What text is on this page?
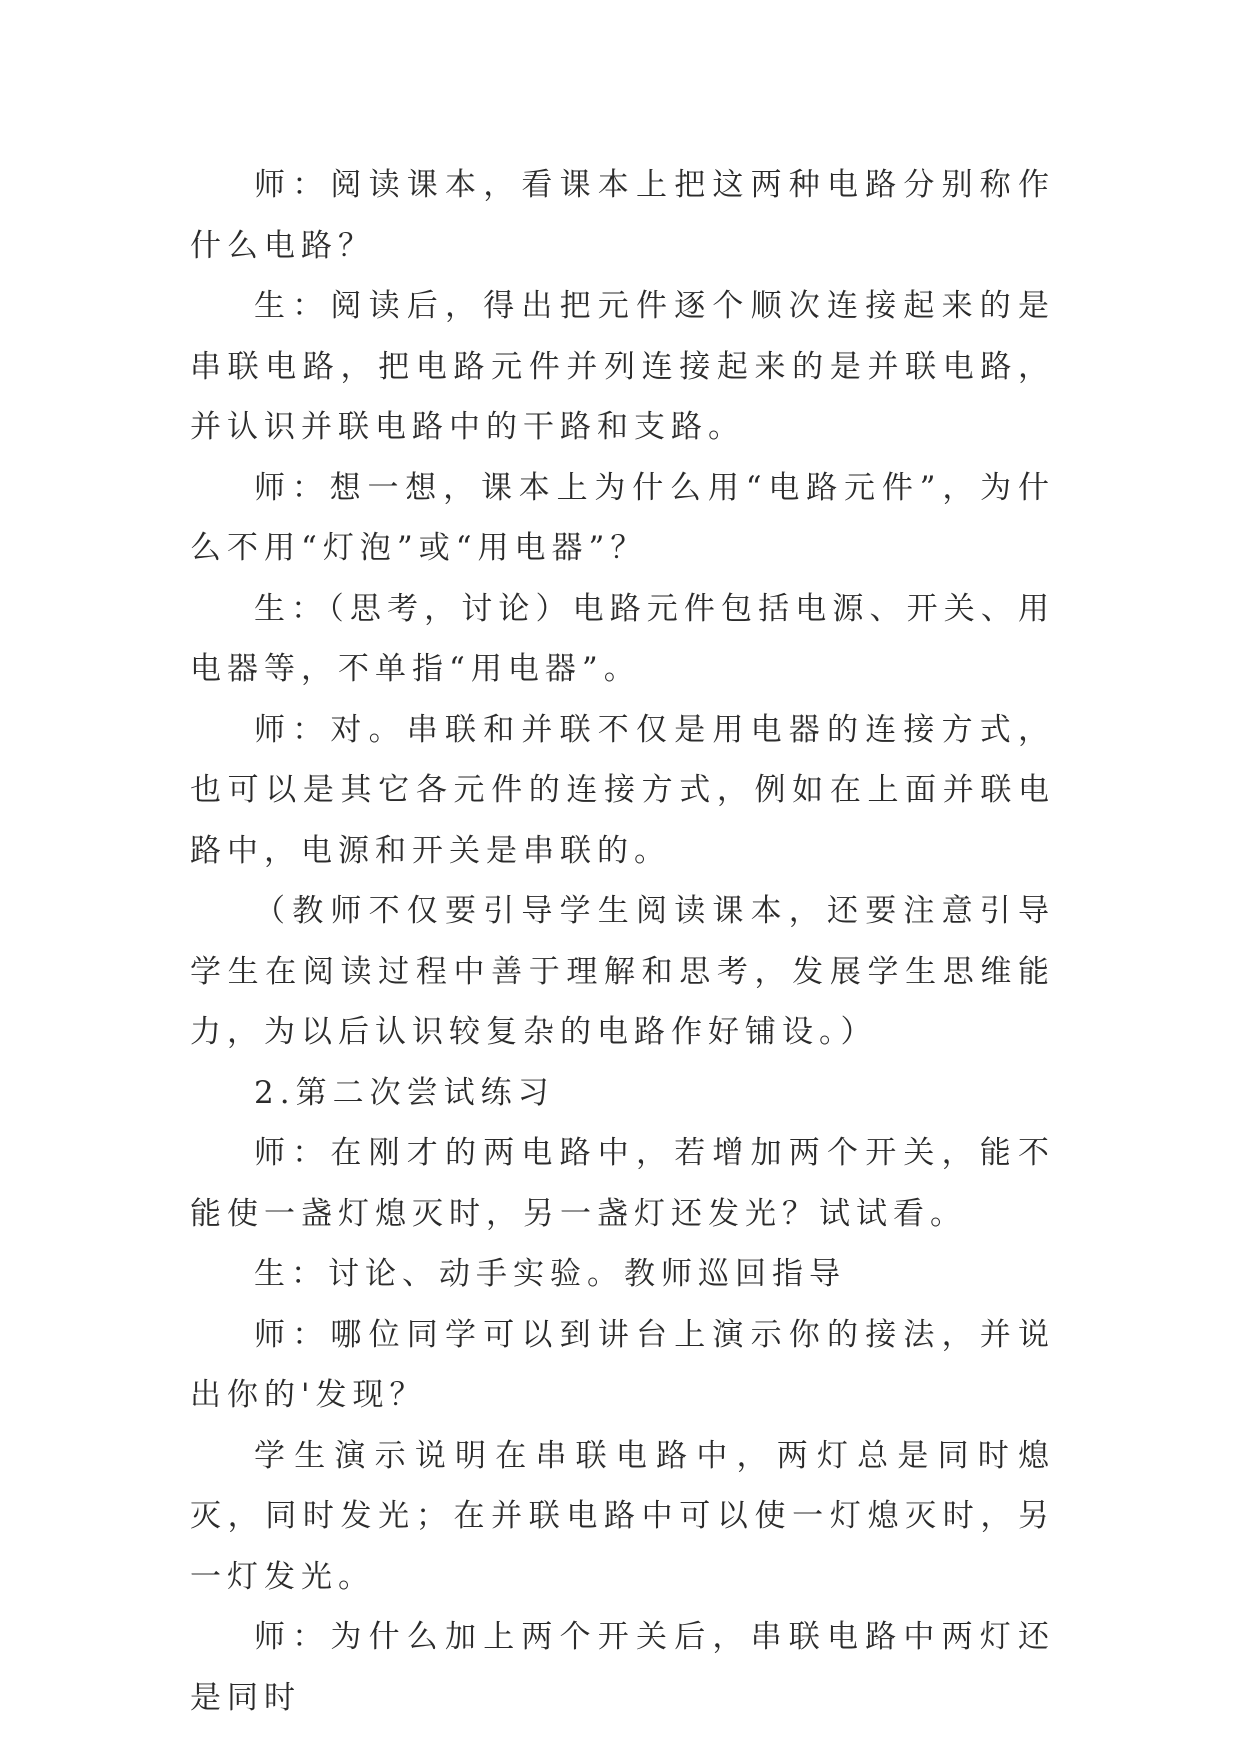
师：阅读课本，看课本上把这两种电路分别称作什么电路？

生：阅读后，得出把元件逐个顺次连接起来的是串联电路，把电路元件并列连接起来的是并联电路，并认识并联电路中的干路和支路。

师：想一想，课本上为什么用“电路元件”，为什么不用“灯泡”或“用电器”？

生：（思考，讨论）电路元件包括电源、开关、用电器等，不单指“用电器”。

师：对。串联和并联不仅是用电器的连接方式，也可以是其它各元件的连接方式，例如在上面并联电路中，电源和开关是串联的。

（教师不仅要引导学生阅读课本，还要注意引导学生在阅读过程中善于理解和思考，发展学生思维能力，为以后认识较复杂的电路作好铺设。）

2.第二次尝试练习

师：在刚才的两电路中，若增加两个开关，能不能使一盏灯熄灭时，另一盏灯还发光？试试看。

生：讨论、动手实验。教师巡回指导

师：哪位同学可以到讲台上演示你的接法，并说出你的'发现？

学生演示说明在串联电路中，两灯总是同时熄灭，同时发光；在并联电路中可以使一灯熄灭时，另一灯发光。

师：为什么加上两个开关后，串联电路中两灯还是同时
